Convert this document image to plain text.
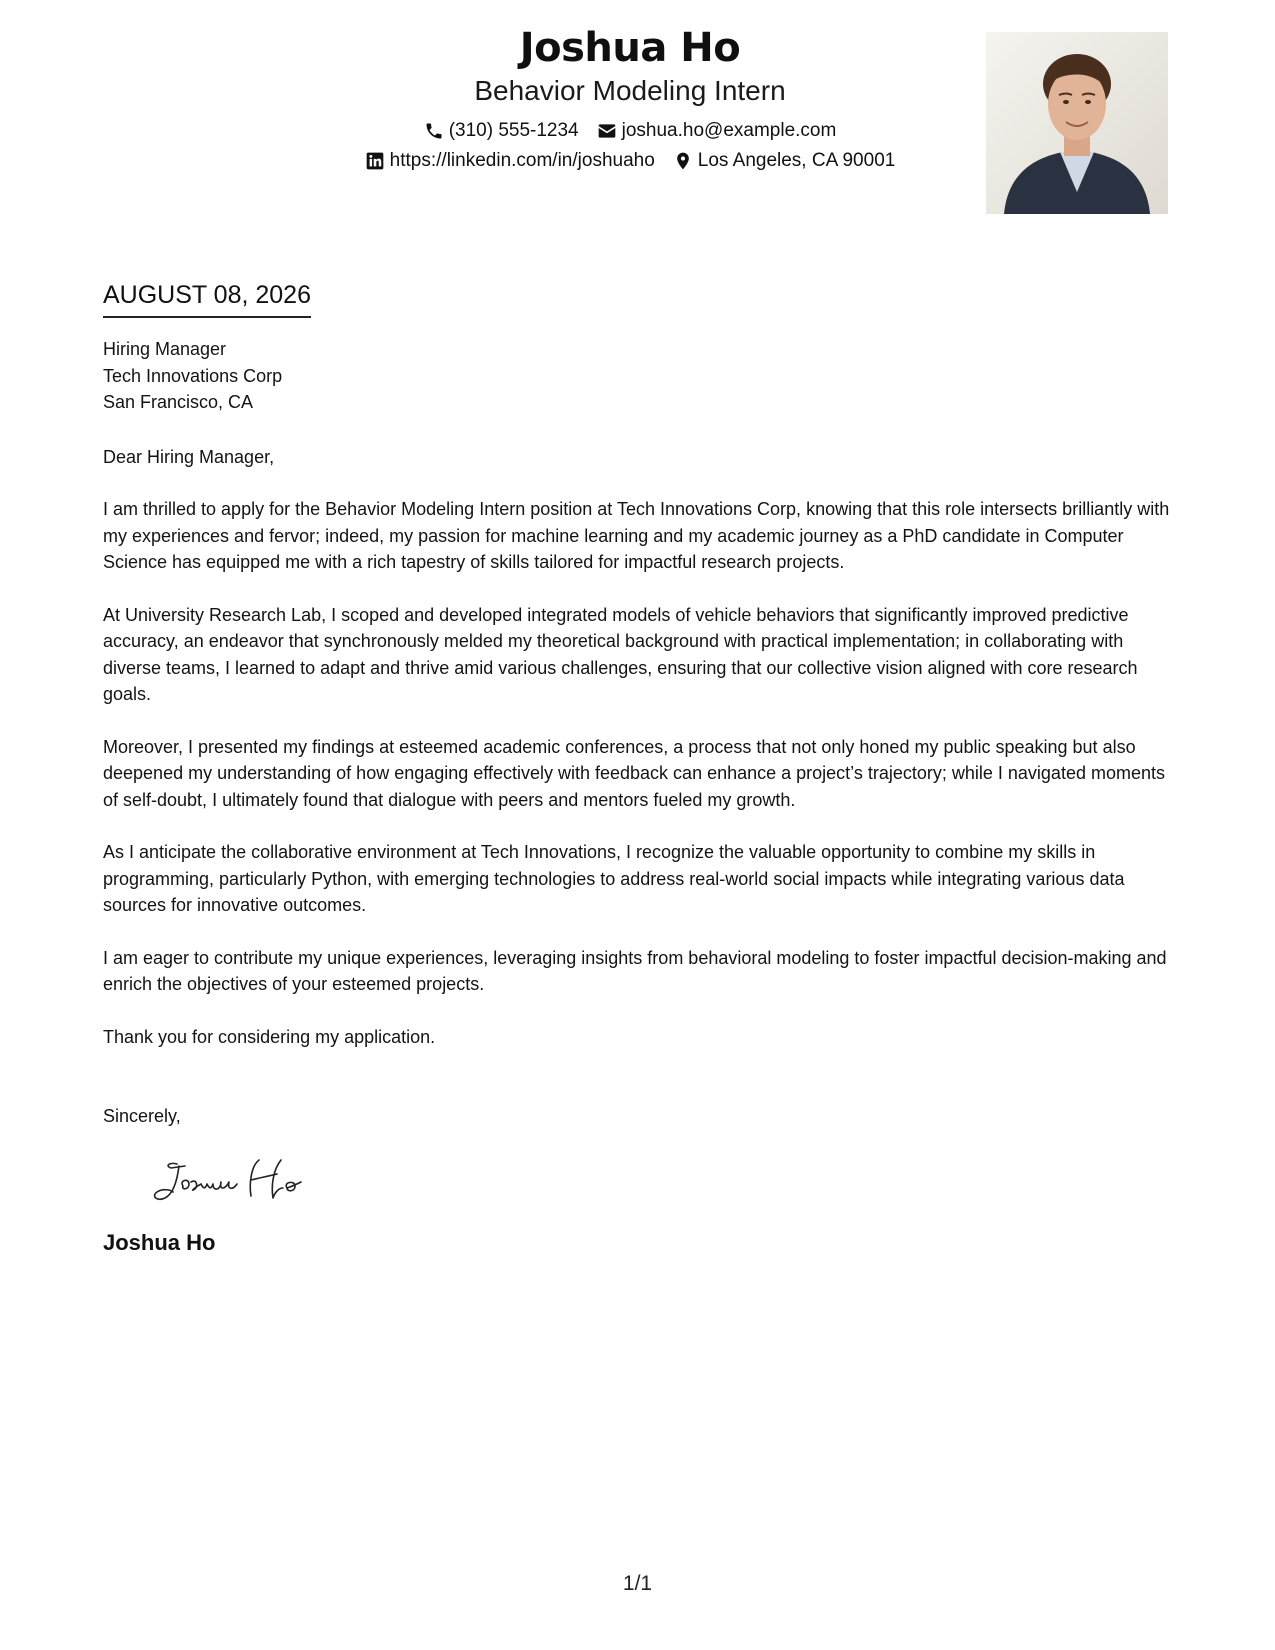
Joshua Ho
Behavior Modeling Intern
(310) 555-1234 joshua.ho@example.com
https://linkedin.com/in/joshuaho Los Angeles, CA 90001
AUGUST 08, 2026
Hiring Manager
Tech Innovations Corp
San Francisco, CA
Dear Hiring Manager,

I am thrilled to apply for the Behavior Modeling Intern position at Tech Innovations Corp, knowing that this role intersects brilliantly with my experiences and fervor; indeed, my passion for machine learning and my academic journey as a PhD candidate in Computer Science has equipped me with a rich tapestry of skills tailored for impactful research projects.

At University Research Lab, I scoped and developed integrated models of vehicle behaviors that significantly improved predictive accuracy, an endeavor that synchronously melded my theoretical background with practical implementation; in collaborating with diverse teams, I learned to adapt and thrive amid various challenges, ensuring that our collective vision aligned with core research goals.

Moreover, I presented my findings at esteemed academic conferences, a process that not only honed my public speaking but also deepened my understanding of how engaging effectively with feedback can enhance a project’s trajectory; while I navigated moments of self-doubt, I ultimately found that dialogue with peers and mentors fueled my growth.

As I anticipate the collaborative environment at Tech Innovations, I recognize the valuable opportunity to combine my skills in programming, particularly Python, with emerging technologies to address real-world social impacts while integrating various data sources for innovative outcomes.

I am eager to contribute my unique experiences, leveraging insights from behavioral modeling to foster impactful decision-making and enrich the objectives of your esteemed projects.

Thank you for considering my application.

Sincerely,
Joshua Ho
1/1
